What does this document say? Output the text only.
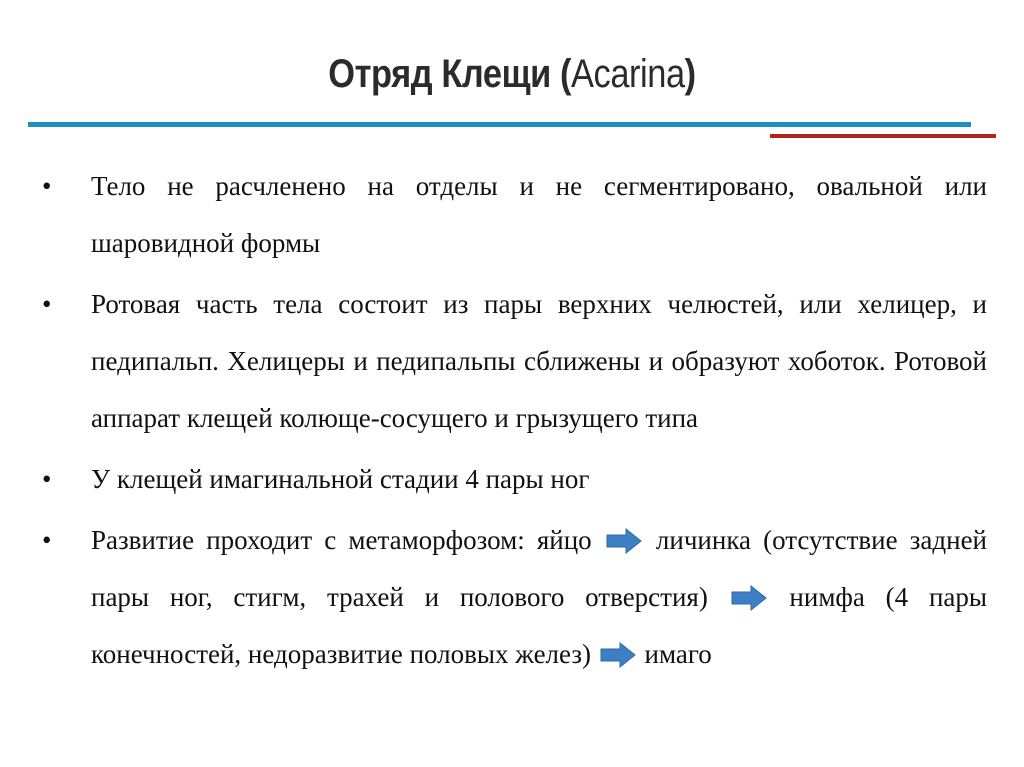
Отряд Клещи (Acarina)
• Тело не расчленено на отделы и не сегментировано, овальной или шаровидной формы
• Ротовая часть тела состоит из пары верхних челюстей, или хелицер, и педипальп. Хелицеры и педипальпы сближены и образуют хоботок. Ротовой аппарат клещей колюще-сосущего и грызущего типа
• У клещей имагинальной стадии 4 пары ног
• Развитие проходит с метаморфозом: яйцо личинка (отсутствие задней пары ног, стигм, трахей и полового отверстия)	нимфа (4 пары конечностей, недоразвитие половых желез) имаго
